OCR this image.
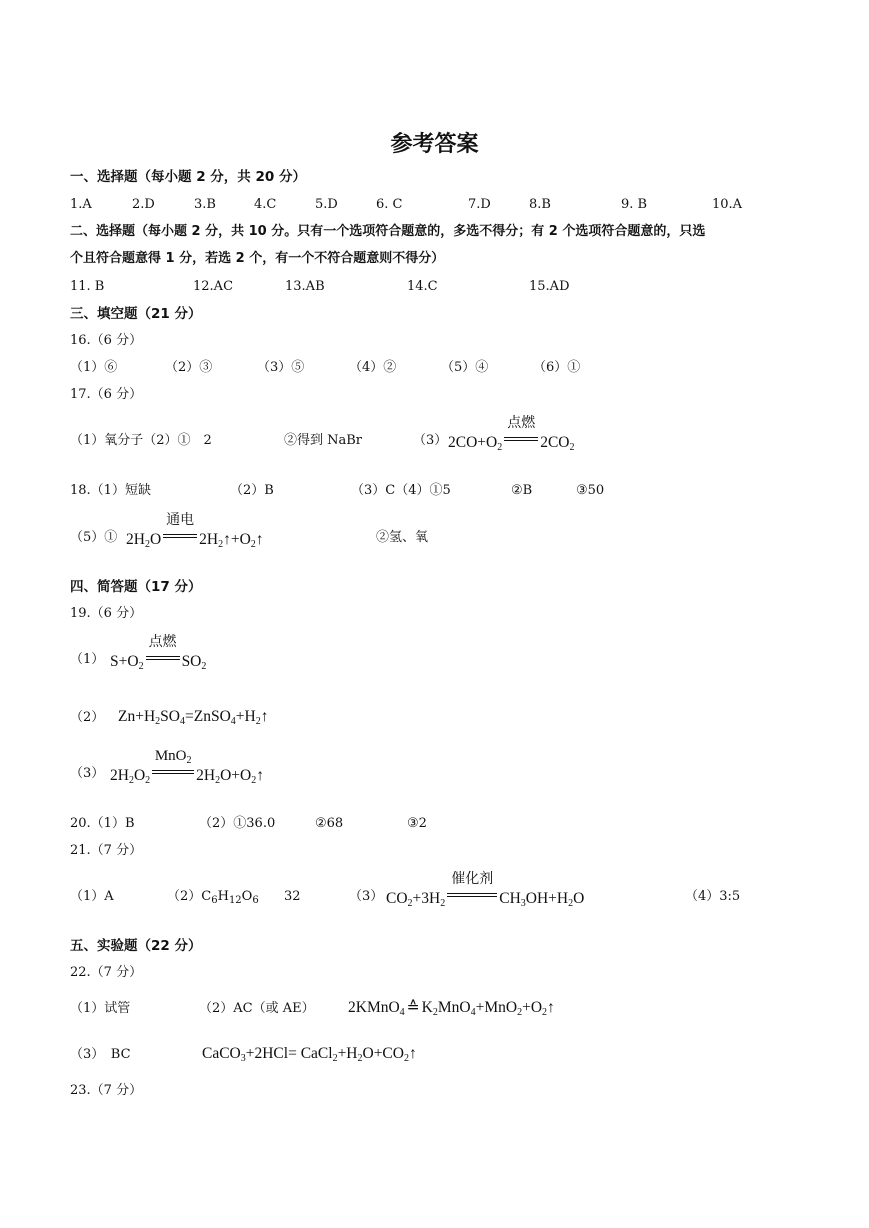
参考答案
一、选择题（每小题 2 分，共 20 分）
1.A	2.D	3.B	4.C	5.D	6. C	7.D	8.B	9. B	10.A
二、选择题（每小题 2 分，共 10 分。只有一个选项符合题意的，多选不得分；有 2 个选项符合题意的，只选
个且符合题意得 1 分，若选 2 个，有一个不符合题意则不得分）
11. B	12.AC	13.AB	14.C	15.AD
三、填空题（21 分）
16.（6 分）
（1）⑥	（2）③	（3）⑤	（4）②	（5）④	（6）①
17.（6 分）
（1）氧分子（2）①　2	②得到 NaBr	（3） $2CO+O_2$
点燃
$2CO_2$
18.（1）短缺	（2）B	（3）C（4）①5	②B	③50
（5）① $2H_2O$
通电
$2H_2↑+O_2↑$	②氢、氧
四、简答题（17 分）
19.（6 分）
（1） $S+O_2$
点燃
$SO_2$
（2） $Zn+H_2SO_4=ZnSO_4+H_2↑$
（3） $2H_2O_2$
MnO$_2$
$2H_2O+O_2↑$
20.（1）B	（2）①36.0	②68	③2
21.（7 分）
（1）A	$(2)C_6H_{12}O_6$ 32	（3） $CO_2+3H_2$
催化剂
$CH_3OH+H_2O$	（4）3:5
五、实验题（22 分）
22.（7 分）
（1）试管	（2）AC（或 AE） 2KMnO$_4$ ≙ $K_2MnO_4+MnO_2+O_2↑$
（3）　BC	CaCO$_3$+2HCl= $CaCl_2+H_2O+CO_2↑$
23.（7 分）
